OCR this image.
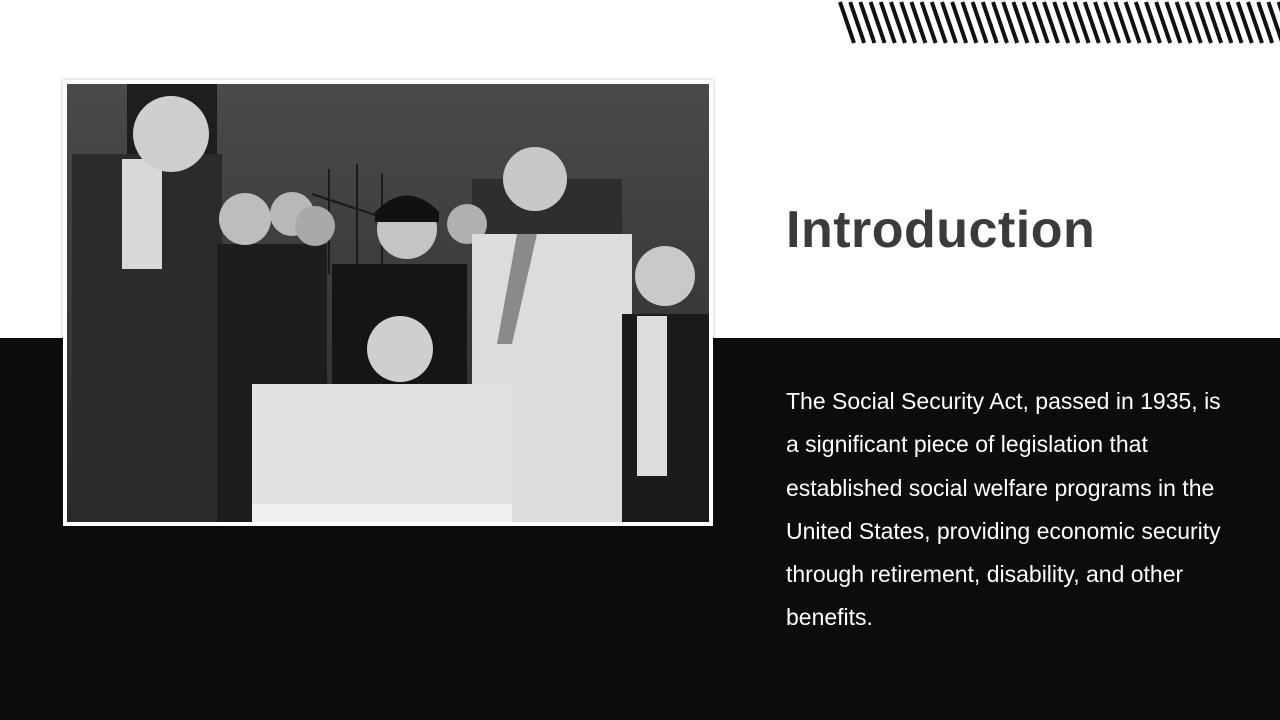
Introduction

The Social Security Act, passed in 1935, is a significant piece of legislation that established social welfare programs in the United States, providing economic security through retirement, disability, and other benefits.
